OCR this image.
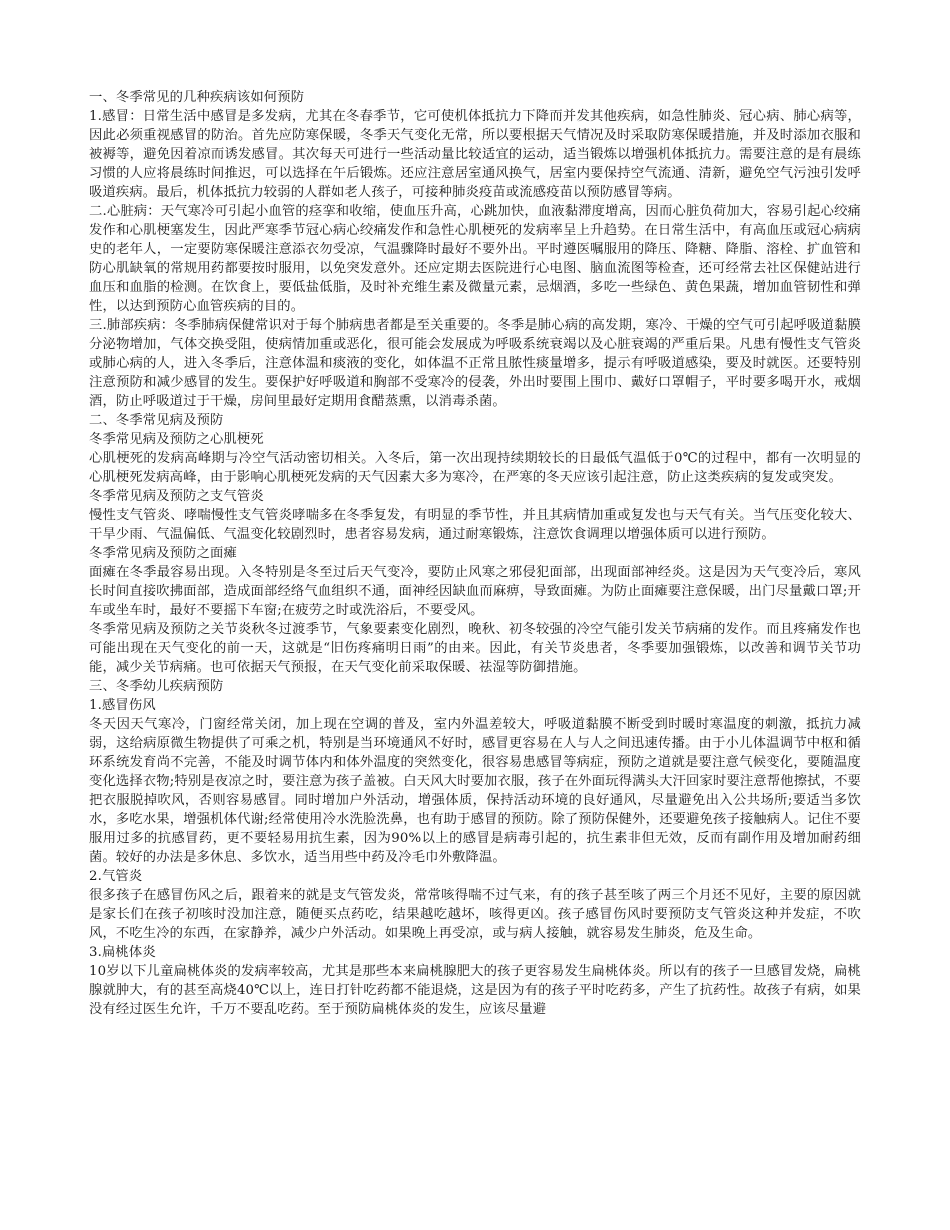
一、冬季常见的几种疾病该如何预防

1.感冒：日常生活中感冒是多发病，尤其在冬春季节，它可使机体抵抗力下降而并发其他疾病，如急性肺炎、冠心病、肺心病等，因此必须重视感冒的防治。首先应防寒保暖，冬季天气变化无常，所以要根据天气情况及时采取防寒保暖措施，并及时添加衣服和被褥等，避免因着凉而诱发感冒。其次每天可进行一些活动量比较适宜的运动，适当锻炼以增强机体抵抗力。需要注意的是有晨练习惯的人应将晨练时间推迟，可以选择在午后锻炼。还应注意居室通风换气，居室内要保持空气流通、清新，避免空气污浊引发呼吸道疾病。最后，机体抵抗力较弱的人群如老人孩子，可接种肺炎疫苗或流感疫苗以预防感冒等病。

二.心脏病：天气寒冷可引起小血管的痉挛和收缩，使血压升高，心跳加快，血液黏滞度增高，因而心脏负荷加大，容易引起心绞痛发作和心肌梗塞发生，因此严寒季节冠心病心绞痛发作和急性心肌梗死的发病率呈上升趋势。在日常生活中，有高血压或冠心病病史的老年人，一定要防寒保暖注意添衣勿受凉，气温骤降时最好不要外出。平时遵医嘱服用的降压、降糖、降脂、溶栓、扩血管和防心肌缺氧的常规用药都要按时服用，以免突发意外。还应定期去医院进行心电图、脑血流图等检查，还可经常去社区保健站进行血压和血脂的检测。在饮食上，要低盐低脂，及时补充维生素及微量元素，忌烟酒，多吃一些绿色、黄色果蔬，增加血管韧性和弹性，以达到预防心血管疾病的目的。

三.肺部疾病：冬季肺病保健常识对于每个肺病患者都是至关重要的。冬季是肺心病的高发期，寒冷、干燥的空气可引起呼吸道黏膜分泌物增加，气体交换受阻，使病情加重或恶化，很可能会发展成为呼吸系统衰竭以及心脏衰竭的严重后果。凡患有慢性支气管炎或肺心病的人，进入冬季后，注意体温和痰液的变化，如体温不正常且脓性痰量增多，提示有呼吸道感染，要及时就医。还要特别注意预防和减少感冒的发生。要保护好呼吸道和胸部不受寒冷的侵袭，外出时要围上围巾、戴好口罩帽子，平时要多喝开水，戒烟酒，防止呼吸道过于干燥，房间里最好定期用食醋蒸熏，以消毒杀菌。

二、冬季常见病及预防

冬季常见病及预防之心肌梗死

心肌梗死的发病高峰期与冷空气活动密切相关。入冬后，第一次出现持续期较长的日最低气温低于0℃的过程中，都有一次明显的心肌梗死发病高峰，由于影响心肌梗死发病的天气因素大多为寒冷，在严寒的冬天应该引起注意，防止这类疾病的复发或突发。

冬季常见病及预防之支气管炎

慢性支气管炎、哮喘慢性支气管炎哮喘多在冬季复发，有明显的季节性，并且其病情加重或复发也与天气有关。当气压变化较大、干旱少雨、气温偏低、气温变化较剧烈时，患者容易发病，通过耐寒锻炼，注意饮食调理以增强体质可以进行预防。

冬季常见病及预防之面瘫

面瘫在冬季最容易出现。入冬特别是冬至过后天气变冷，要防止风寒之邪侵犯面部，出现面部神经炎。这是因为天气变冷后，寒风长时间直接吹拂面部，造成面部经络气血组织不通，面神经因缺血而麻痹，导致面瘫。为防止面瘫要注意保暖，出门尽量戴口罩;开车或坐车时，最好不要摇下车窗;在疲劳之时或洗浴后，不要受风。

冬季常见病及预防之关节炎秋冬过渡季节，气象要素变化剧烈，晚秋、初冬较强的冷空气能引发关节病痛的发作。而且疼痛发作也可能出现在天气变化的前一天，这就是“旧伤疼痛明日雨”的由来。因此，有关节炎患者，冬季要加强锻炼，以改善和调节关节功能，减少关节病痛。也可依据天气预报，在天气变化前采取保暖、祛湿等防御措施。

三、冬季幼儿疾病预防

1.感冒伤风

冬天因天气寒冷，门窗经常关闭，加上现在空调的普及，室内外温差较大，呼吸道黏膜不断受到时暖时寒温度的刺激，抵抗力减弱，这给病原微生物提供了可乘之机，特别是当环境通风不好时，感冒更容易在人与人之间迅速传播。由于小儿体温调节中枢和循环系统发育尚不完善，不能及时调节体内和体外温度的突然变化，很容易患感冒等病症，预防之道就是要注意气候变化，要随温度变化选择衣物;特别是夜凉之时，要注意为孩子盖被。白天风大时要加衣服，孩子在外面玩得满头大汗回家时要注意帮他擦拭，不要把衣服脱掉吹风，否则容易感冒。同时增加户外活动，增强体质，保持活动环境的良好通风，尽量避免出入公共场所;要适当多饮水，多吃水果，增强机体代谢;经常使用冷水洗脸洗鼻，也有助于感冒的预防。除了预防保健外，还要避免孩子接触病人。记住不要服用过多的抗感冒药，更不要轻易用抗生素，因为90%以上的感冒是病毒引起的，抗生素非但无效，反而有副作用及增加耐药细菌。较好的办法是多休息、多饮水，适当用些中药及冷毛巾外敷降温。

2.气管炎

很多孩子在感冒伤风之后，跟着来的就是支气管发炎，常常咳得喘不过气来，有的孩子甚至咳了两三个月还不见好，主要的原因就是家长们在孩子初咳时没加注意，随便买点药吃，结果越吃越坏，咳得更凶。孩子感冒伤风时要预防支气管炎这种并发症，不吹风，不吃生冷的东西，在家静养，减少户外活动。如果晚上再受凉，或与病人接触，就容易发生肺炎，危及生命。

3.扁桃体炎

10岁以下儿童扁桃体炎的发病率较高，尤其是那些本来扁桃腺肥大的孩子更容易发生扁桃体炎。所以有的孩子一旦感冒发烧，扁桃腺就肿大，有的甚至高烧40℃以上，连日打针吃药都不能退烧，这是因为有的孩子平时吃药多，产生了抗药性。故孩子有病，如果没有经过医生允许，千万不要乱吃药。至于预防扁桃体炎的发生，应该尽量避
